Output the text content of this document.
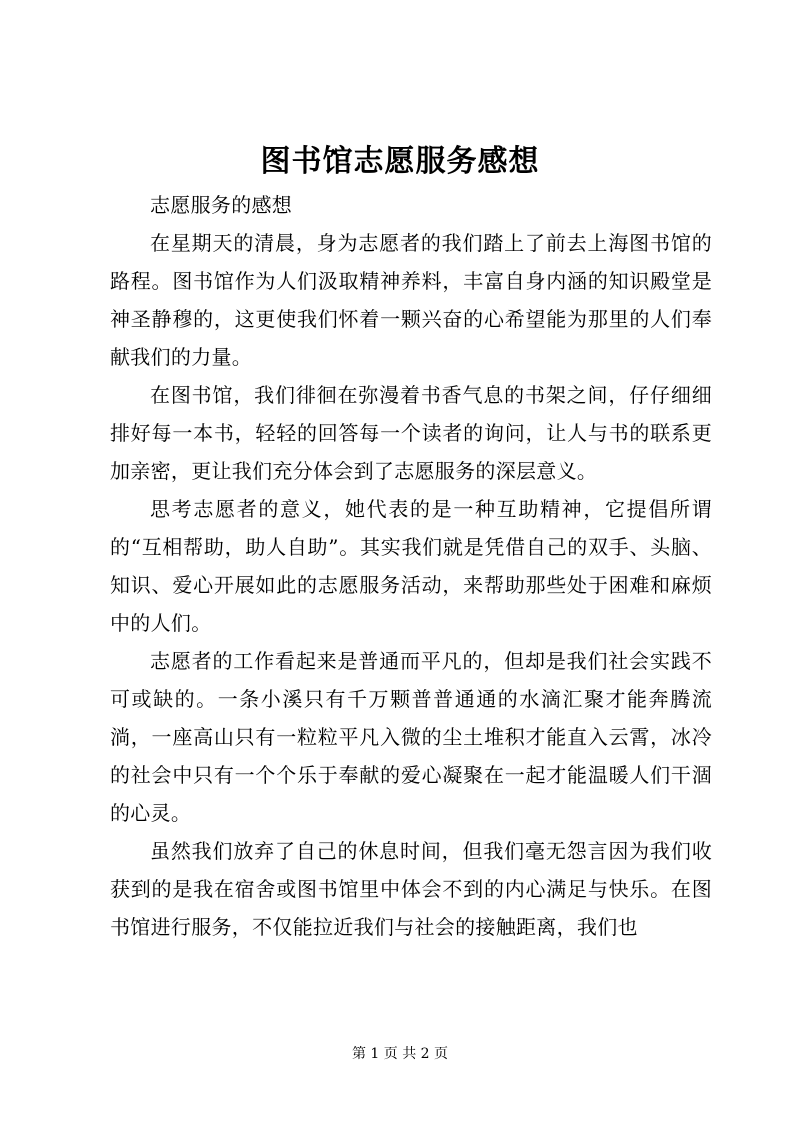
图书馆志愿服务感想

志愿服务的感想

在星期天的清晨，身为志愿者的我们踏上了前去上海图书馆的路程。图书馆作为人们汲取精神养料，丰富自身内涵的知识殿堂是神圣静穆的，这更使我们怀着一颗兴奋的心希望能为那里的人们奉献我们的力量。

在图书馆，我们徘徊在弥漫着书香气息的书架之间，仔仔细细排好每一本书，轻轻的回答每一个读者的询问，让人与书的联系更加亲密，更让我们充分体会到了志愿服务的深层意义。

思考志愿者的意义，她代表的是一种互助精神，它提倡所谓的“互相帮助，助人自助”。其实我们就是凭借自己的双手、头脑、知识、爱心开展如此的志愿服务活动，来帮助那些处于困难和麻烦中的人们。

志愿者的工作看起来是普通而平凡的，但却是我们社会实践不可或缺的。一条小溪只有千万颗普普通通的水滴汇聚才能奔腾流淌，一座高山只有一粒粒平凡入微的尘土堆积才能直入云霄，冰冷的社会中只有一个个乐于奉献的爱心凝聚在一起才能温暖人们干涸的心灵。

虽然我们放弃了自己的休息时间，但我们毫无怨言因为我们收获到的是我在宿舍或图书馆里中体会不到的内心满足与快乐。在图书馆进行服务，不仅能拉近我们与社会的接触距离，我们也

第 1 页 共 2 页
